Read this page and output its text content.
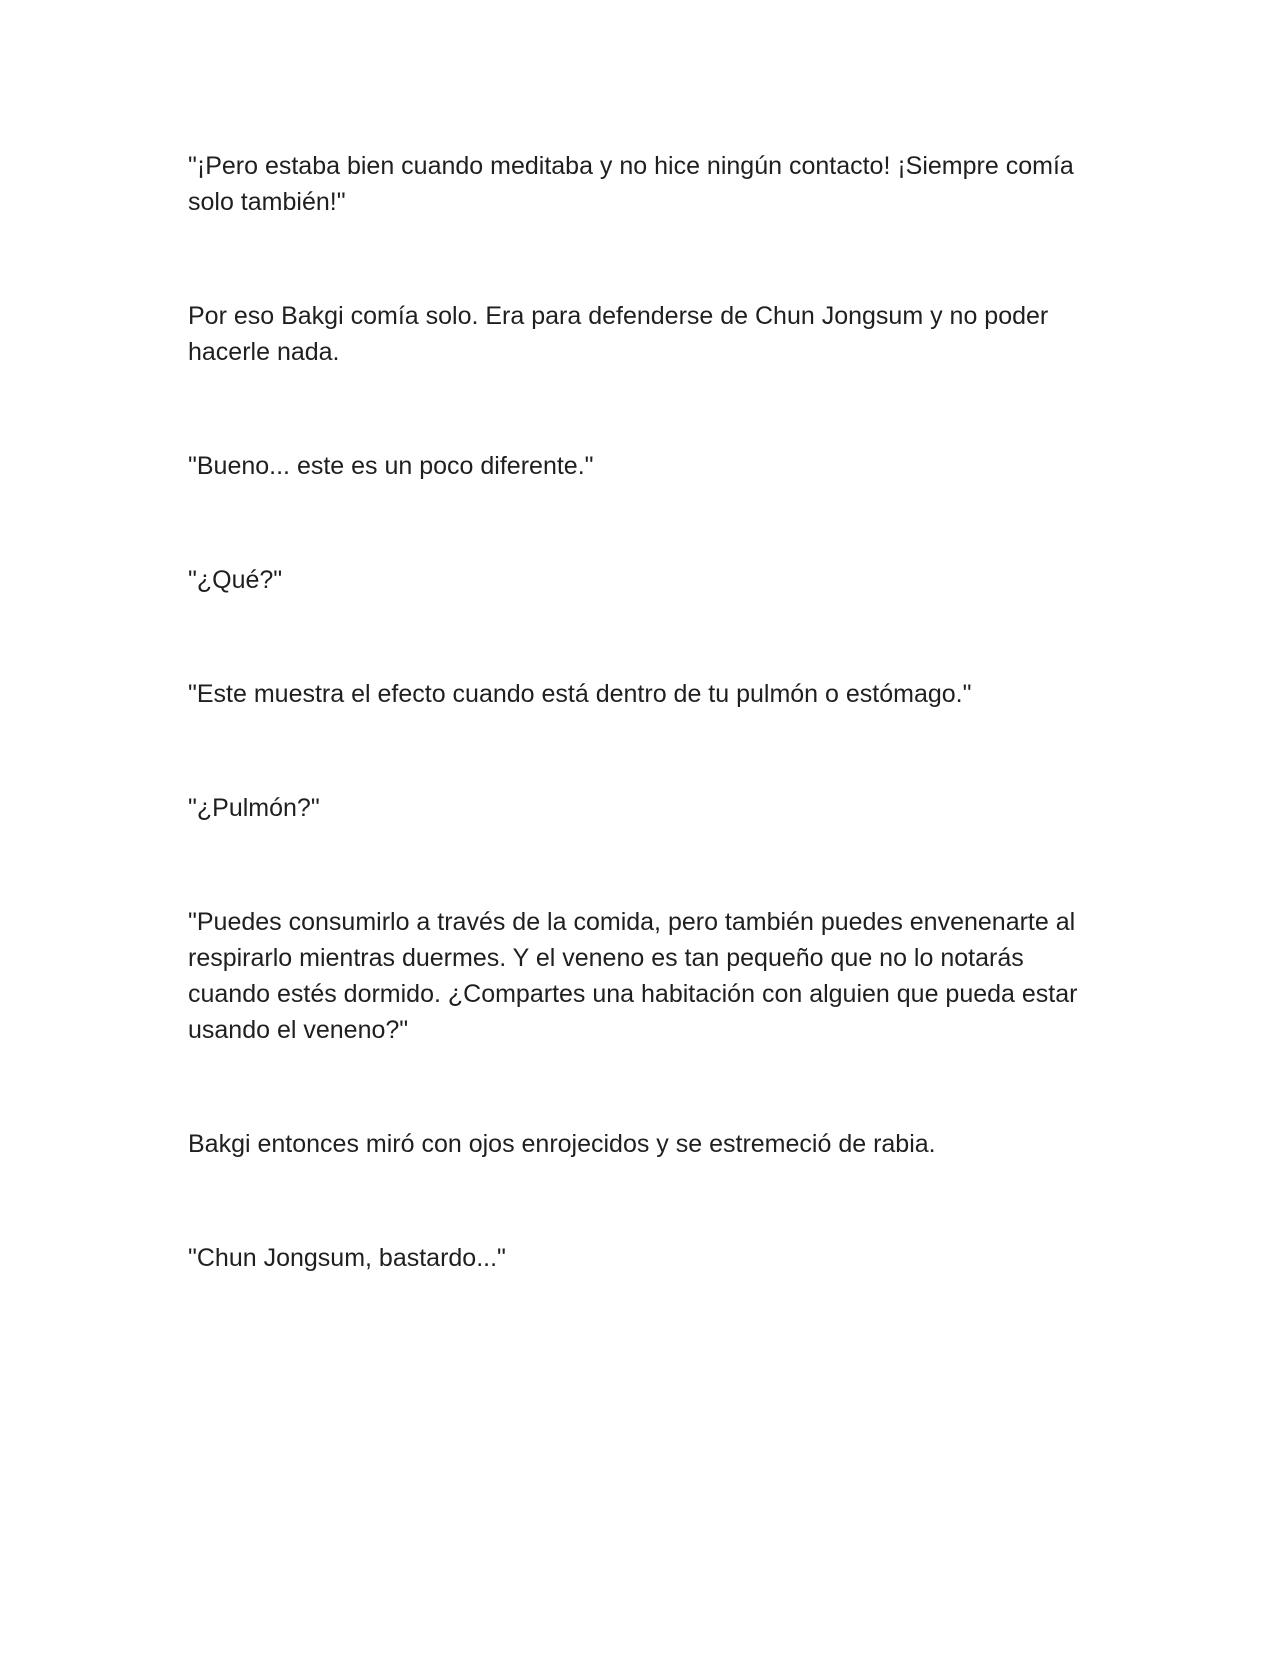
"¡Pero estaba bien cuando meditaba y no hice ningún contacto! ¡Siempre comía solo también!"

Por eso Bakgi comía solo. Era para defenderse de Chun Jongsum y no poder hacerle nada.

"Bueno... este es un poco diferente."

"¿Qué?"

"Este muestra el efecto cuando está dentro de tu pulmón o estómago."

"¿Pulmón?"

"Puedes consumirlo a través de la comida, pero también puedes envenenarte al respirarlo mientras duermes. Y el veneno es tan pequeño que no lo notarás cuando estés dormido. ¿Compartes una habitación con alguien que pueda estar usando el veneno?"

Bakgi entonces miró con ojos enrojecidos y se estremeció de rabia.

"Chun Jongsum, bastardo..."
